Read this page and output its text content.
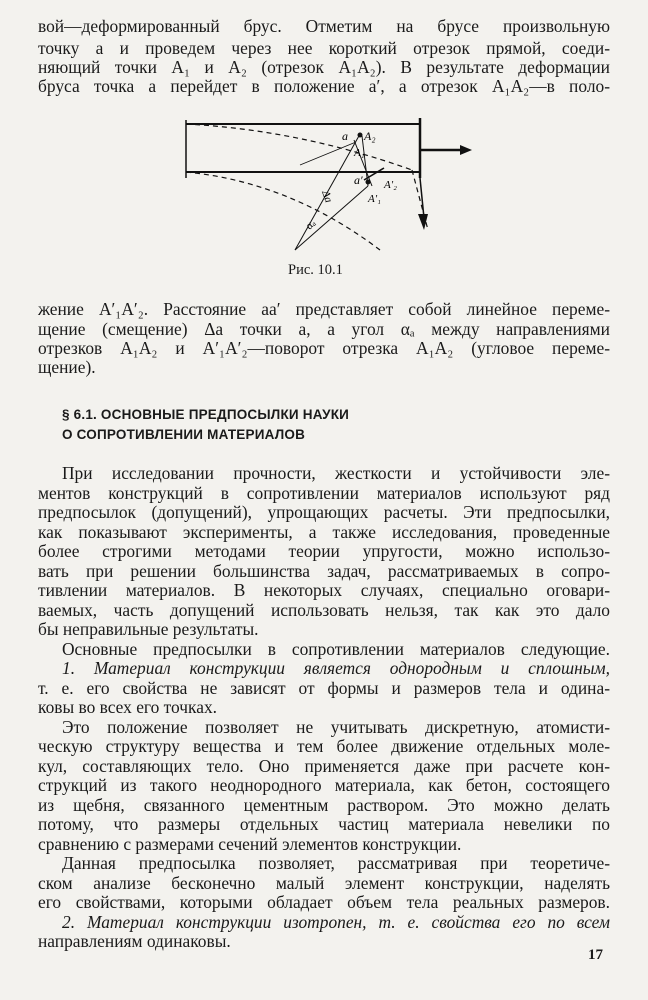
вой—деформированный брус. Отметим на брусе произвольную
точку а и проведем через нее короткий отрезок прямой, соеди-
няющий точки A₁ и A₂ (отрезок A₁A₂). В результате деформации
бруса точка а перейдет в положение а′, а отрезок A₁A₂—в поло-
a A₂
A₁
a′ A′₂
A′₁
Δa
αₐ
Рис. 10.1
жение A′₁A′₂. Расстояние аа′ представляет собой линейное переме-
щение (смещение) Δа точки а, а угол αₐ между направлениями
отрезков A₁A₂ и A′₁A′₂—поворот отрезка A₁A₂ (угловое переме-
щение).
§ 6.1. ОСНОВНЫЕ ПРЕДПОСЫЛКИ НАУКИ
О СОПРОТИВЛЕНИИ МАТЕРИАЛОВ
При исследовании прочности, жесткости и устойчивости эле-
ментов конструкций в сопротивлении материалов используют ряд
предпосылок (допущений), упрощающих расчеты. Эти предпосылки,
как показывают эксперименты, а также исследования, проведенные
более строгими методами теории упругости, можно использо-
вать при решении большинства задач, рассматриваемых в сопро-
тивлении материалов. В некоторых случаях, специально оговари-
ваемых, часть допущений использовать нельзя, так как это дало
бы неправильные результаты.
Основные предпосылки в сопротивлении материалов следующие.
1. Материал конструкции является однородным и сплошным,
т. е. его свойства не зависят от формы и размеров тела и одина-
ковы во всех его точках.
Это положение позволяет не учитывать дискретную, атомисти-
ческую структуру вещества и тем более движение отдельных моле-
кул, составляющих тело. Оно применяется даже при расчете кон-
струкций из такого неоднородного материала, как бетон, состоящего
из щебня, связанного цементным раствором. Это можно делать
потому, что размеры отдельных частиц материала невелики по
сравнению с размерами сечений элементов конструкции.
Данная предпосылка позволяет, рассматривая при теоретиче-
ском анализе бесконечно малый элемент конструкции, наделять
его свойствами, которыми обладает объем тела реальных размеров.
2. Материал конструкции изотропен, т. е. свойства его по всем
направлениям одинаковы.
17
